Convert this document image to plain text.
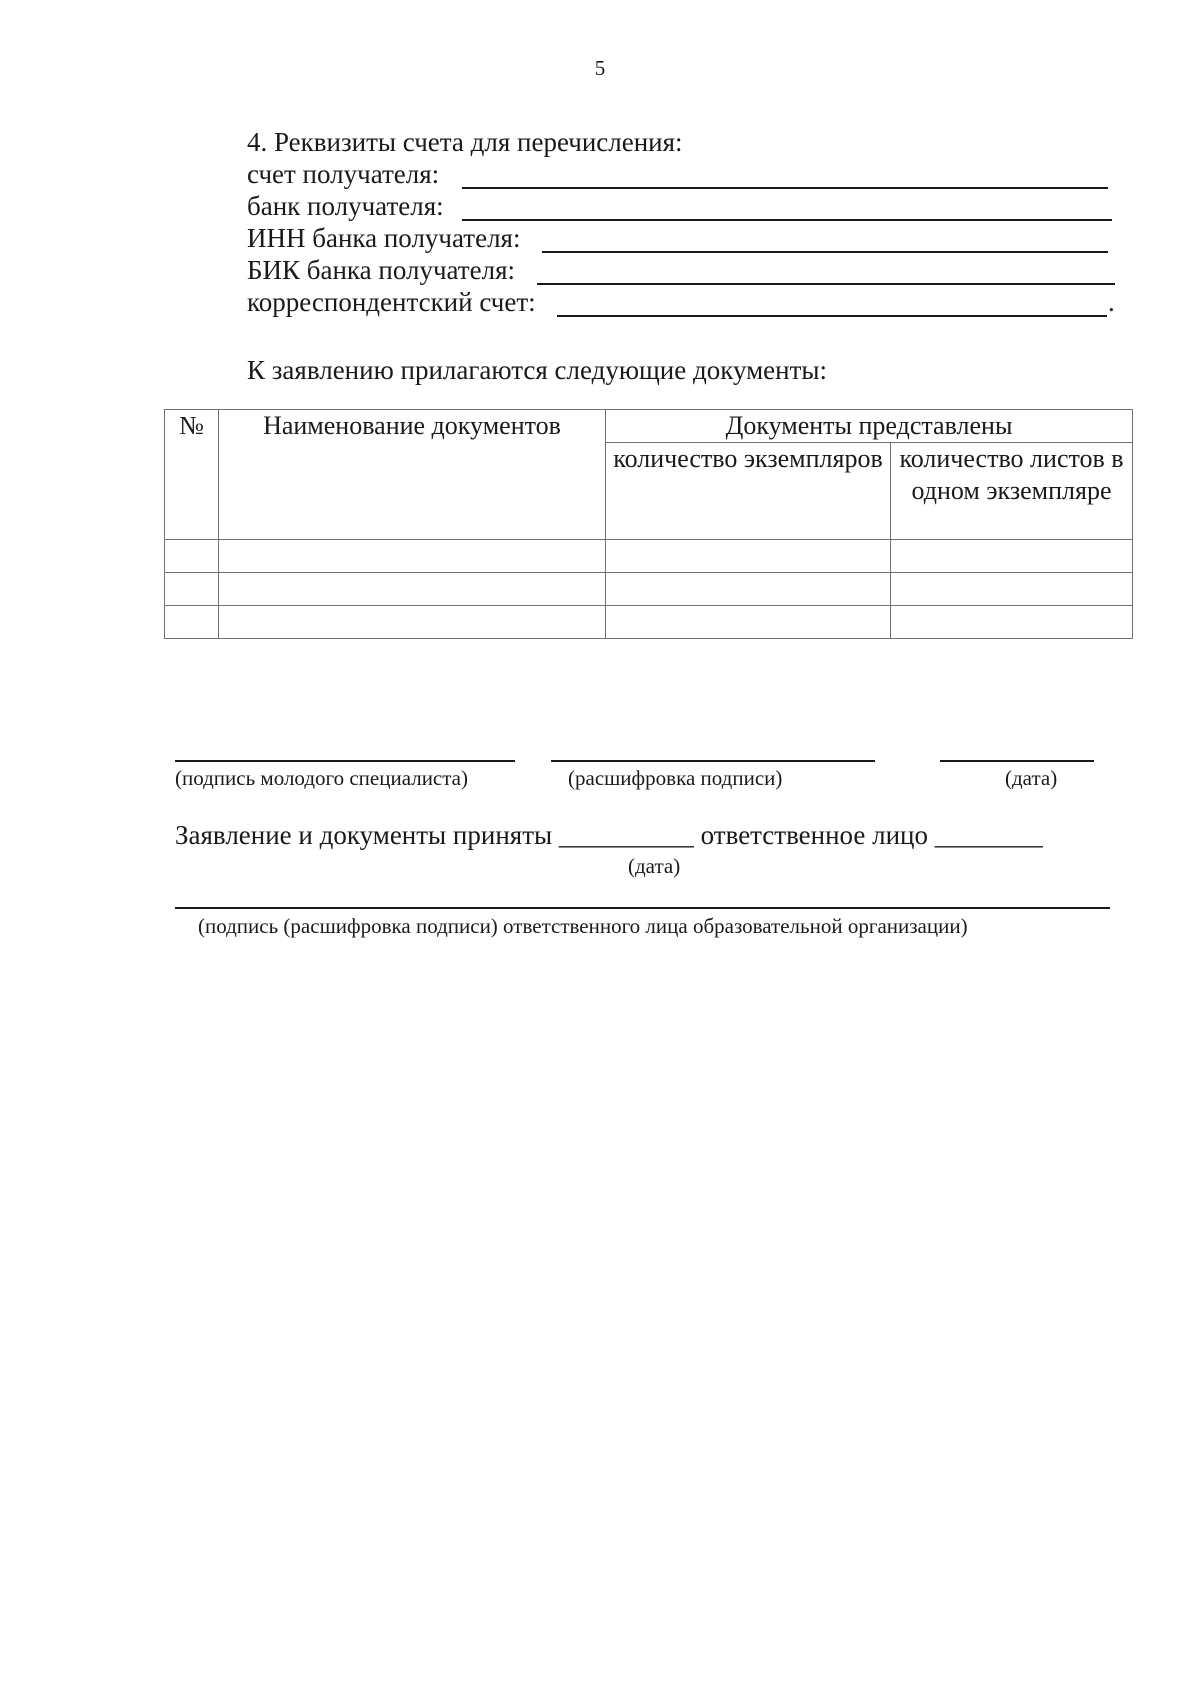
5
4. Реквизиты счета для перечисления:
счет получателя:
банк получателя:
ИНН банка получателя:
БИК банка получателя:
корреспондентский счет:	.
К заявлению прилагаются следующие документы:
№	Наименование документов	Документы представлены	
		количество экземпляров	количество листов в одном экземпляре

(подпись молодого специалиста)	(расшифровка подписи)	(дата)
Заявление и документы приняты __________ ответственное лицо ________
(дата)
(подпись (расшифровка подписи) ответственного лица образовательной организации)
